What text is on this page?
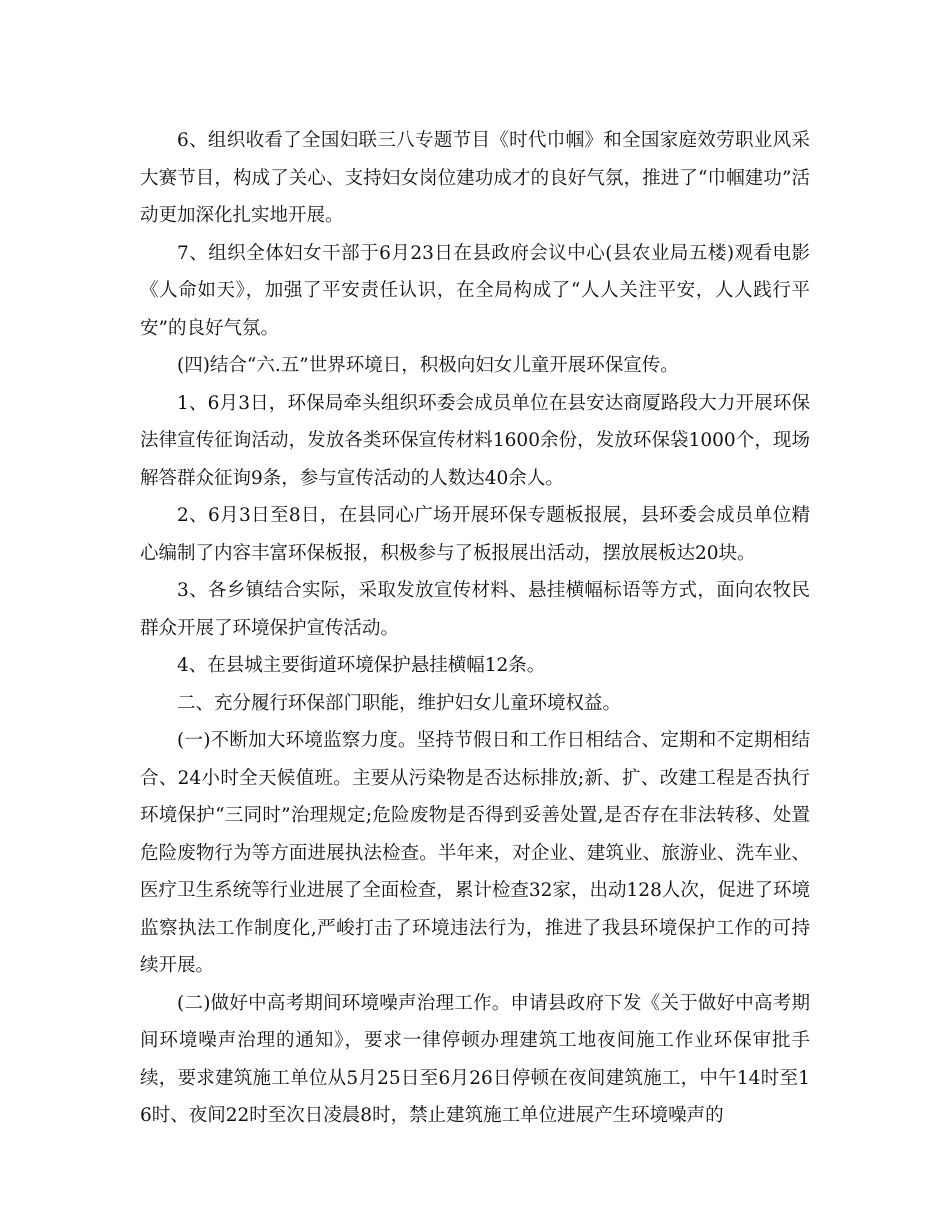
6、组织收看了全国妇联三八专题节目《时代巾帼》和全国家庭效劳职业风采大赛节目，构成了关心、支持妇女岗位建功成才的良好气氛，推进了“巾帼建功”活动更加深化扎实地开展。

7、组织全体妇女干部于6月23日在县政府会议中心(县农业局五楼)观看电影《人命如天》，加强了平安责任认识，在全局构成了“人人关注平安，人人践行平安”的良好气氛。

(四)结合“六.五”世界环境日，积极向妇女儿童开展环保宣传。

1、6月3日，环保局牵头组织环委会成员单位在县安达商厦路段大力开展环保法律宣传征询活动，发放各类环保宣传材料1600余份，发放环保袋1000个，现场解答群众征询9条，参与宣传活动的人数达40余人。

2、6月3日至8日，在县同心广场开展环保专题板报展，县环委会成员单位精心编制了内容丰富环保板报，积极参与了板报展出活动，摆放展板达20块。

3、各乡镇结合实际，采取发放宣传材料、悬挂横幅标语等方式，面向农牧民群众开展了环境保护宣传活动。

4、在县城主要街道环境保护悬挂横幅12条。

二、充分履行环保部门职能，维护妇女儿童环境权益。

(一)不断加大环境监察力度。坚持节假日和工作日相结合、定期和不定期相结合、24小时全天候值班。主要从污染物是否达标排放;新、扩、改建工程是否执行环境保护“三同时”治理规定;危险废物是否得到妥善处置,是否存在非法转移、处置危险废物行为等方面进展执法检查。半年来，对企业、建筑业、旅游业、洗车业、医疗卫生系统等行业进展了全面检查，累计检查32家，出动128人次，促进了环境监察执法工作制度化,严峻打击了环境违法行为，推进了我县环境保护工作的可持续开展。

(二)做好中高考期间环境噪声治理工作。申请县政府下发《关于做好中高考期间环境噪声治理的通知》，要求一律停顿办理建筑工地夜间施工作业环保审批手续，要求建筑施工单位从5月25日至6月26日停顿在夜间建筑施工，中午14时至16时、夜间22时至次日凌晨8时，禁止建筑施工单位进展产生环境噪声的
